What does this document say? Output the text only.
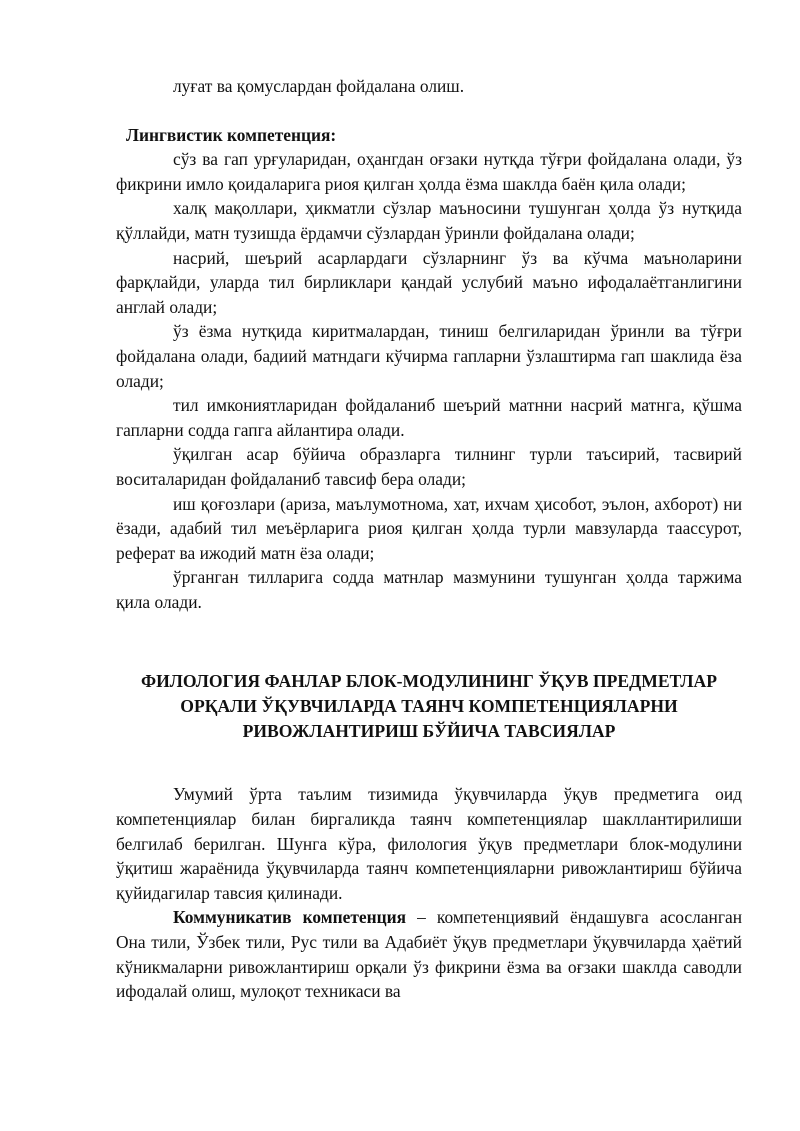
луғат ва қомуслардан фойдалана олиш.

Лингвистик компетенция:

сўз ва гап урғуларидан, оҳангдан оғзаки нутқда тўғри фойдалана олади, ўз фикрини имло қоидаларига риоя қилган ҳолда ёзма шаклда баён қила олади;

халқ мақоллари, ҳикматли сўзлар маъносини тушунган ҳолда ўз нутқида қўллайди, матн тузишда ёрдамчи сўзлардан ўринли фойдалана олади;

насрий, шеърий асарлардаги сўзларнинг ўз ва кўчма маъноларини фарқлайди, уларда тил бирликлари қандай услубий маъно ифодалаётганлигини англай олади;

ўз ёзма нутқида киритмалардан, тиниш белгиларидан ўринли ва тўғри фойдалана олади, бадиий матндаги кўчирма гапларни ўзлаштирма гап шаклида ёза олади;

тил имкониятларидан фойдаланиб шеърий матнни насрий матнга, қўшма гапларни содда гапга айлантира олади.

ўқилган асар бўйича образларга тилнинг турли таъсирий, тасвирий воситаларидан фойдаланиб тавсиф бера олади;

иш қоғозлари (ариза, маълумотнома, хат, ихчам ҳисобот, эълон, ахборот) ни ёзади, адабий тил меъёрларига риоя қилган ҳолда турли мавзуларда таассурот, реферат ва ижодий матн ёза олади;

ўрганган тилларига содда матнлар мазмунини тушунган ҳолда таржима қила олади.

ФИЛОЛОГИЯ ФАНЛАР БЛОК-МОДУЛИНИНГ ЎҚУВ ПРЕДМЕТЛАР
ОРҚАЛИ ЎҚУВЧИЛАРДА ТАЯНЧ КОМПЕТЕНЦИЯЛАРНИ
РИВОЖЛАНТИРИШ БЎЙИЧА ТАВСИЯЛАР

Умумий ўрта таълим тизимида ўқувчиларда ўқув предметига оид компетенциялар билан биргаликда таянч компетенциялар шакллантирилиши белгилаб берилган. Шунга кўра, филология ўқув предметлари блок-модулини ўқитиш жараёнида ўқувчиларда таянч компетенцияларни ривожлантириш бўйича қуйидагилар тавсия қилинади.

Коммуникатив компетенция – компетенциявий ёндашувга асосланган Она тили, Ўзбек тили, Рус тили ва Адабиёт ўқув предметлари ўқувчиларда ҳаётий кўникмаларни ривожлантириш орқали ўз фикрини ёзма ва оғзаки шаклда саводли ифодалай олиш, мулоқот техникаси ва
